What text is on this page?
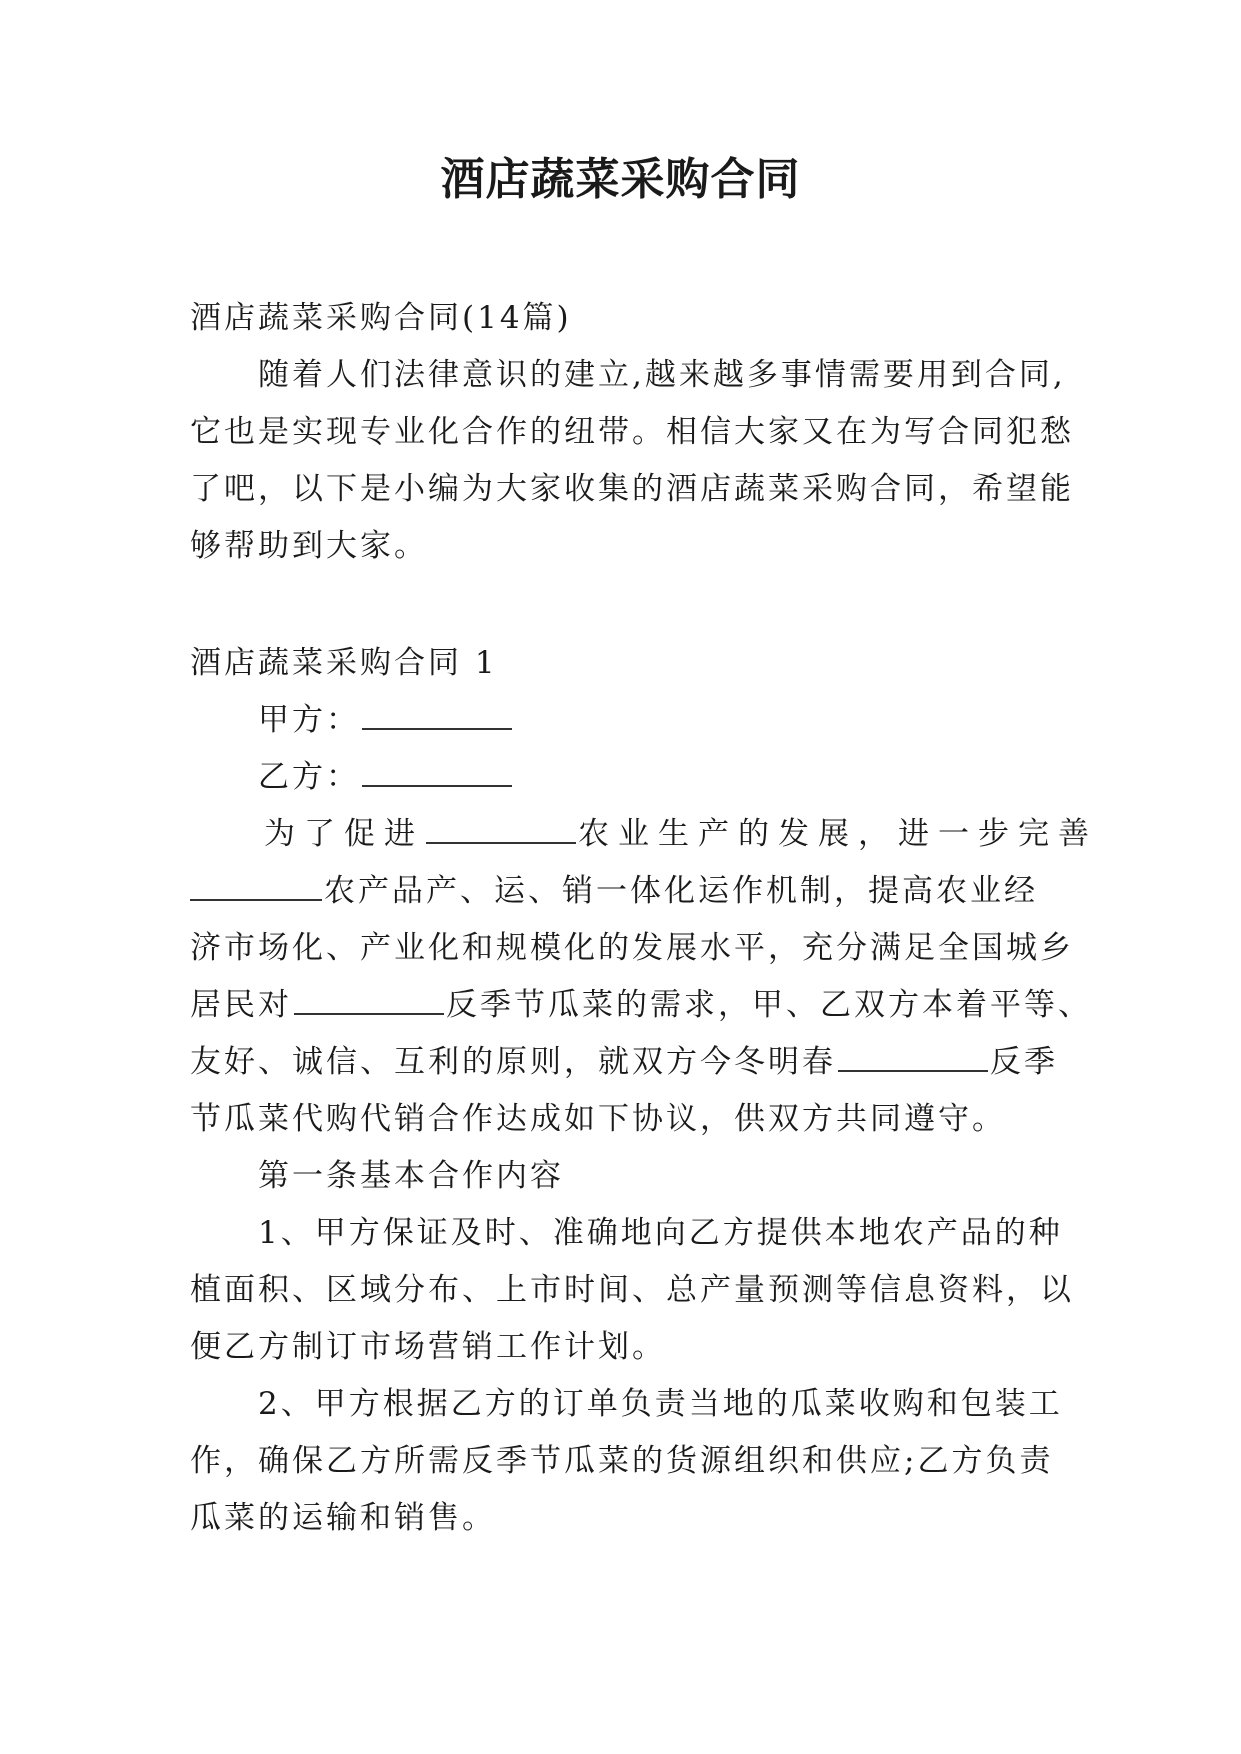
酒店蔬菜采购合同
酒店蔬菜采购合同(14篇)
随着人们法律意识的建立,越来越多事情需要用到合同,
它也是实现专业化合作的纽带。相信大家又在为写合同犯愁
了吧，以下是小编为大家收集的酒店蔬菜采购合同，希望能
够帮助到大家。
酒店蔬菜采购合同 1
甲方：
乙方：
为了促进	农业生产的发展，进一步完善
农产品产、运、销一体化运作机制，提高农业经
济市场化、产业化和规模化的发展水平，充分满足全国城乡
居民对	反季节瓜菜的需求，甲、乙双方本着平等、
友好、诚信、互利的原则，就双方今冬明春	反季
节瓜菜代购代销合作达成如下协议，供双方共同遵守。
第一条基本合作内容
1、甲方保证及时、准确地向乙方提供本地农产品的种
植面积、区域分布、上市时间、总产量预测等信息资料，以
便乙方制订市场营销工作计划。
2、甲方根据乙方的订单负责当地的瓜菜收购和包装工
作，确保乙方所需反季节瓜菜的货源组织和供应;乙方负责
瓜菜的运输和销售。
